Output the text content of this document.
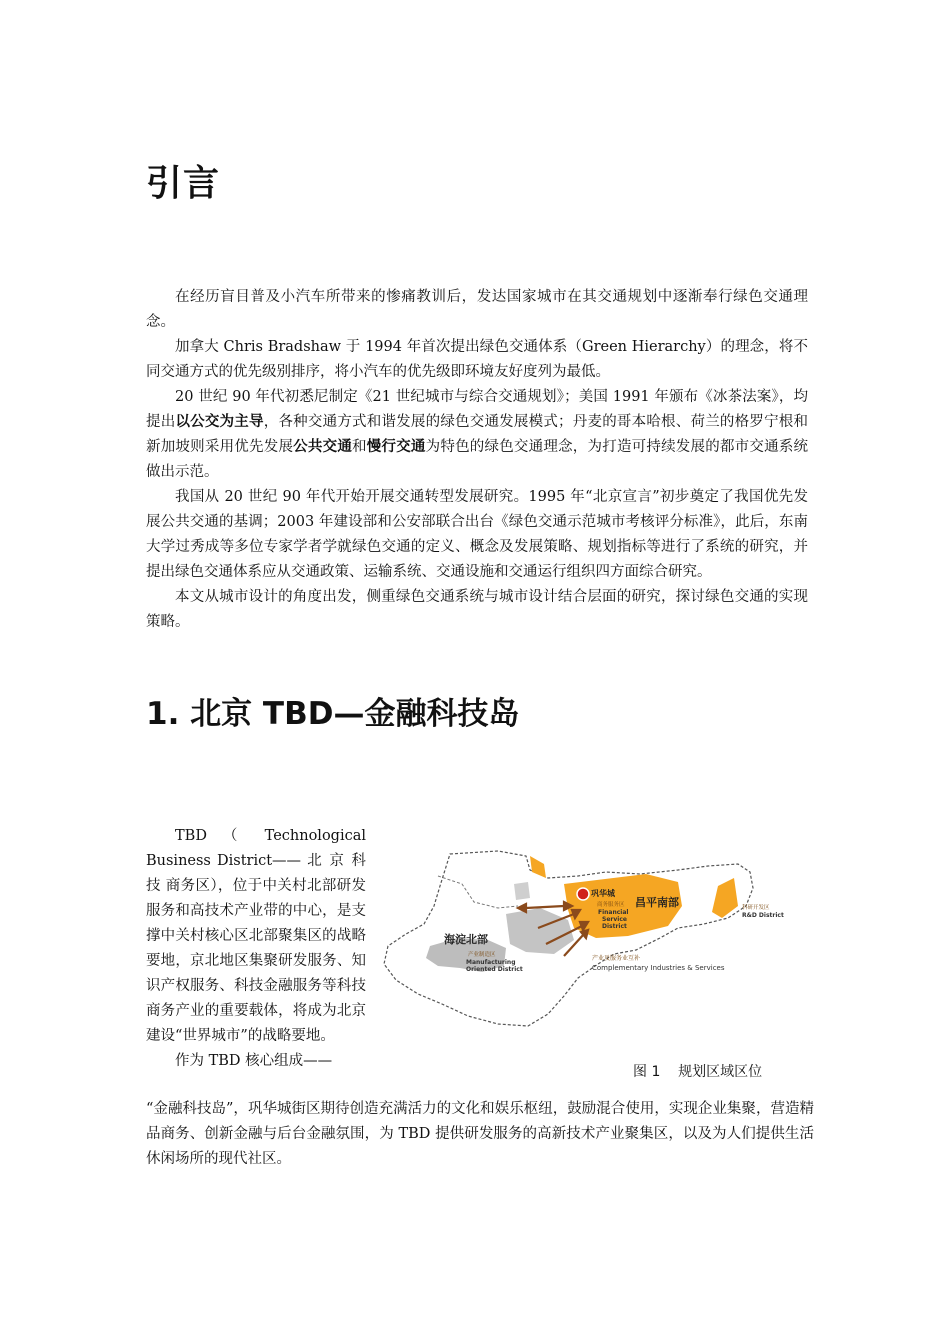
引言

在经历盲目普及小汽车所带来的惨痛教训后，发达国家城市在其交通规划中逐渐奉行绿色交通理念。

加拿大 Chris Bradshaw 于 1994 年首次提出绿色交通体系（Green Hierarchy）的理念，将不同交通方式的优先级别排序，将小汽车的优先级即环境友好度列为最低。

20 世纪 90 年代初悉尼制定《21 世纪城市与综合交通规划》；美国 1991 年颁布《冰茶法案》，均提出以公交为主导，各种交通方式和谐发展的绿色交通发展模式；丹麦的哥本哈根、荷兰的格罗宁根和新加坡则采用优先发展公共交通和慢行交通为特色的绿色交通理念，为打造可持续发展的都市交通系统做出示范。

我国从 20 世纪 90 年代开始开展交通转型发展研究。1995 年“北京宣言”初步奠定了我国优先发展公共交通的基调；2003 年建设部和公安部联合出台《绿色交通示范城市考核评分标准》，此后，东南大学过秀成等多位专家学者学就绿色交通的定义、概念及发展策略、规划指标等进行了系统的研究，并提出绿色交通体系应从交通政策、运输系统、交通设施和交通运行组织四方面综合研究。

本文从城市设计的角度出发，侧重绿色交通系统与城市设计结合层面的研究，探讨绿色交通的实现策略。

1. 北京 TBD—金融科技岛

TBD （ Technological Business District—— 北 京 科 技 商务区），位于中关村北部研发服务和高技术产业带的中心，是支撑中关村核心区北部聚集区的战略要地，京北地区集聚研发服务、知识产权服务、科技金融服务等科技商务产业的重要载体，将成为北京建设“世界城市”的战略要地。

作为 TBD 核心组成——

巩华城
商务服务区
Financial
Service
District
昌平南部	科研开发区
R&D District
海淀北部
产业制造区
Manufacturing
Oriented District
产业及服务业互补
Complementary Industries & Services
图 1    规划区域区位

“金融科技岛”，巩华城街区期待创造充满活力的文化和娱乐枢纽，鼓励混合使用，实现企业集聚，营造精品商务、创新金融与后台金融氛围，为 TBD 提供研发服务的高新技术产业聚集区，以及为人们提供生活休闲场所的现代社区。
